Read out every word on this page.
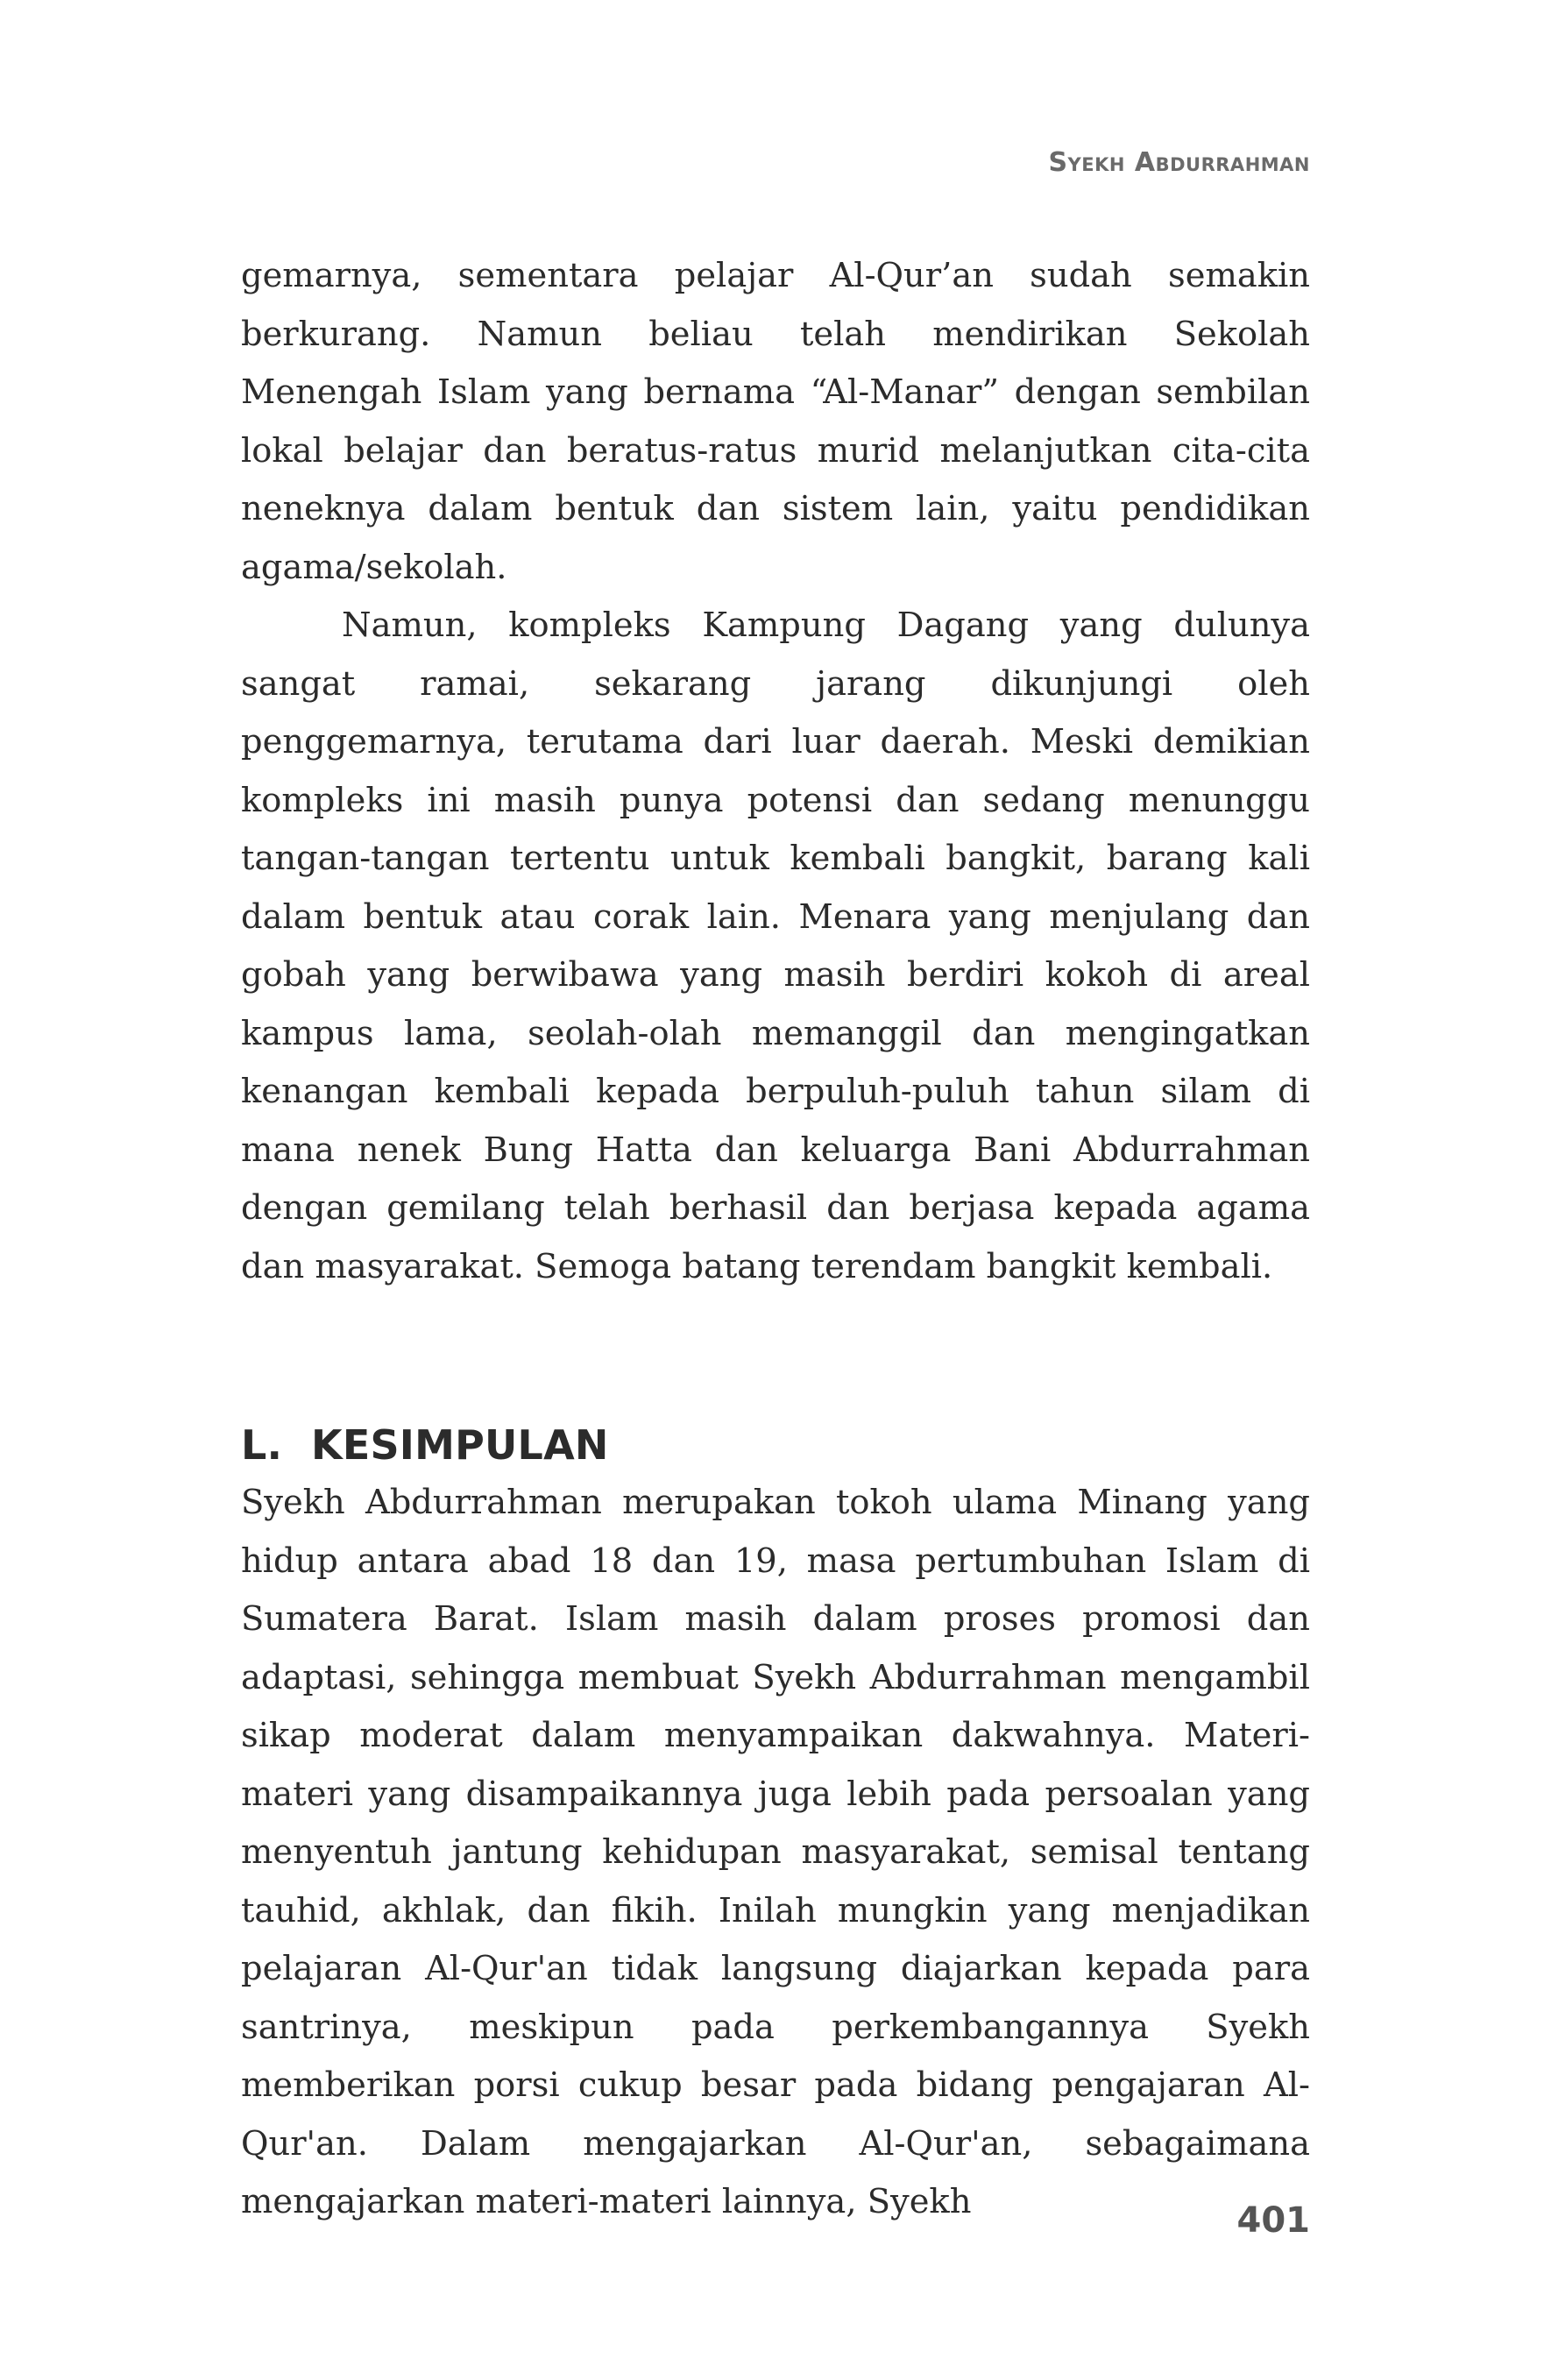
Syekh Abdurrahman

gemarnya, sementara pelajar Al-Qur’an sudah semakin berkurang. Namun beliau telah mendirikan Sekolah Menengah Islam yang bernama “Al-Manar” dengan sembilan lokal belajar dan beratus-ratus murid melanjutkan cita-cita neneknya dalam bentuk dan sistem lain, yaitu pendidikan agama/sekolah.

Namun, kompleks Kampung Dagang yang dulunya sangat ramai, sekarang jarang dikunjungi oleh penggemarnya, terutama dari luar daerah. Meski demikian kompleks ini masih punya potensi dan sedang menunggu tangan-tangan tertentu untuk kembali bangkit, barang kali dalam bentuk atau corak lain. Menara yang menjulang dan gobah yang berwibawa yang masih berdiri kokoh di areal kampus lama, seolah-olah memanggil dan mengingatkan kenangan kembali kepada berpuluh-puluh tahun silam di mana nenek Bung Hatta dan keluarga Bani Abdurrahman dengan gemilang telah berhasil dan berjasa kepada agama dan masyarakat. Semoga batang terendam bangkit kembali.

L. KESIMPULAN

Syekh Abdurrahman merupakan tokoh ulama Minang yang hidup antara abad 18 dan 19, masa pertumbuhan Islam di Sumatera Barat. Islam masih dalam proses promosi dan adaptasi, sehingga membuat Syekh Abdurrahman mengambil sikap moderat dalam menyampaikan dakwahnya. Materi-materi yang disampaikannya juga lebih pada persoalan yang menyentuh jantung kehidupan masyarakat, semisal tentang tauhid, akhlak, dan fikih. Inilah mungkin yang menjadikan pelajaran Al-Qur'an tidak langsung diajarkan kepada para santrinya, meskipun pada perkembangannya Syekh memberikan porsi cukup besar pada bidang pengajaran Al-Qur'an. Dalam mengajarkan Al-Qur'an, sebagaimana mengajarkan materi-materi lainnya, Syekh	401
